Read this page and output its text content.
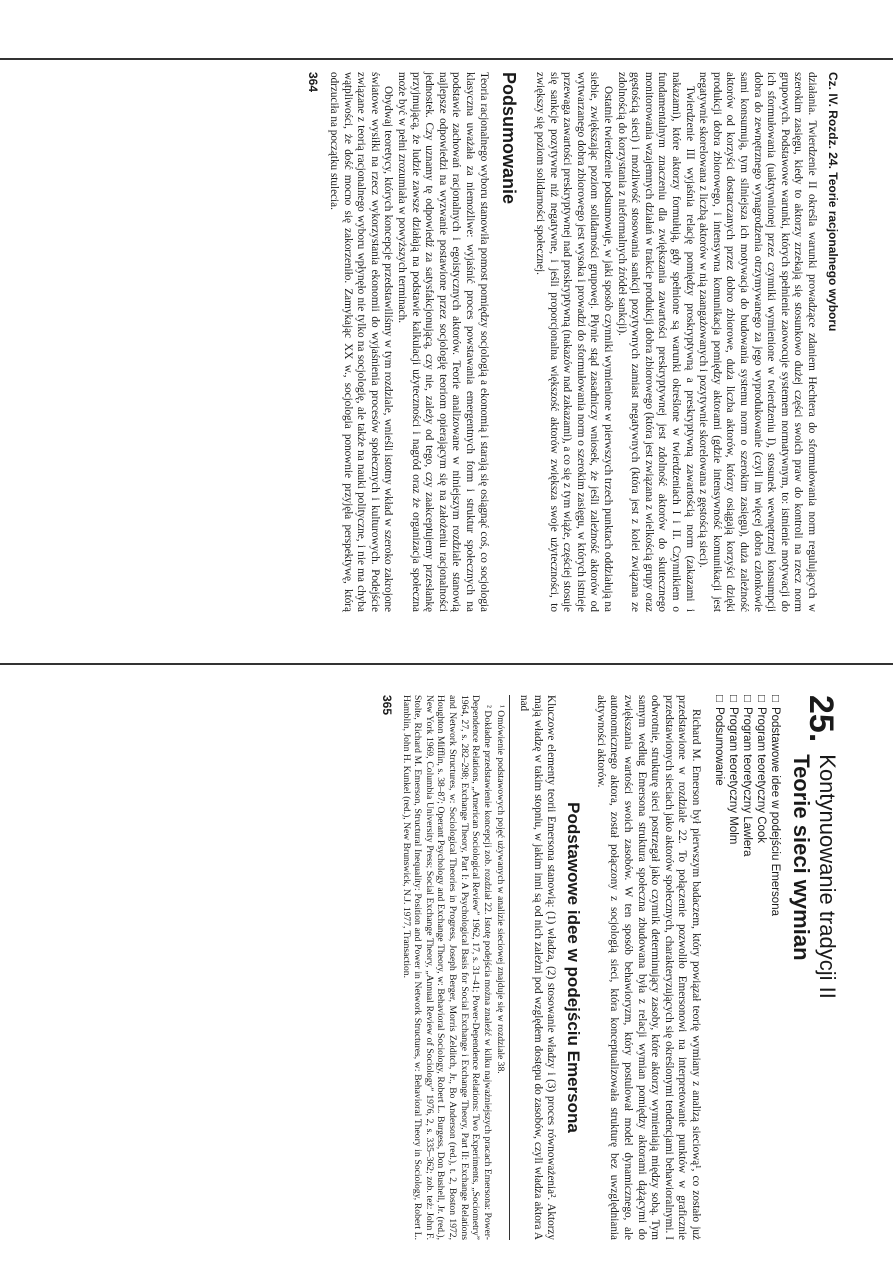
Cz. IV. Rozdz. 24. Teorie racjonalnego wyboru

działania. Twierdzenie II określa warunki prowadzące zdaniem Hechtera do sformułowania norm regulujących w szerokim zasięgu, kiedy to aktorzy zrzekają się stosunkowo dużej części swoich praw do kontroli na rzecz norm grupowych. Podstawowe warunki, których spełnienie zaowocuje systemem normatywnym, to: istnienie motywacji do ich sformułowania (uaktywnionej przez czynniki wymienione w twierdzeniu I), stosunek wewnętrznej konsumpcji dobra do zewnętrznego wynagrodzenia otrzymywanego za jego wyprodukowanie (czyli im więcej dobra członkowie sami konsumują, tym silniejsza ich motywacja do budowania systemu norm o szerokim zasięgu), duża zależność aktorów od korzyści dostarczanych przez dobro zbiorowe, duża liczba aktorów, którzy osiągają korzyści dzięki produkcji dobra zbiorowego, i intensywna komunikacja pomiędzy aktorami (gdzie intensywność komunikacji jest negatywnie skorelowana z liczbą aktorów w nią zaangażowanych i pozytywnie skorelowana z gęstością sieci).

Twierdzenie III wyjaśnia relację pomiędzy proskryptywną a preskryptywną zawartością norm (zakazami i nakazami), które aktorzy formułują, gdy spełnione są warunki określone w twierdzeniach I i II. Czynnikiem o fundamentalnym znaczeniu dla zwiększania zawartości preskryptywnej jest zdolność aktorów do skutecznego monitorowania wzajemnych działań w trakcie produkcji dobra zbiorowego (która jest związana z wielkością grupy oraz gęstością sieci) i możliwość stosowania sankcji pozytywnych zamiast negatywnych (która jest z kolei związana ze zdolnością do korzystania z nieformalnych źródeł sankcji).

Ostatnie twierdzenie podsumowuje, w jaki sposób czynniki wymienione w pierwszych trzech punktach oddziałują na siebie, zwiększając poziom solidarności grupowej. Płynie stąd zasadniczy wniosek, że jeśli zależność aktorów od wytwarzanego dobra zbiorowego jest wysoka i prowadzi do sformułowania norm o szerokim zasięgu, w których istnieje przewaga zawartości preskryptywnej nad proskryptywną (nakazów nad zakazami), a co się z tym wiąże, częściej stosuje się sankcje pozytywne niż negatywne, i jeśli proporcjonalna większość aktorów zwiększa swoje użyteczności, to zwiększy się poziom solidarności społecznej.

Podsumowanie

Teoria racjonalnego wyboru stanowiła pomost pomiędzy socjologią a ekonomią i starają się osiągnąć coś, co socjologia klasyczna uważała za niemożliwe: wyjaśnić proces powstawania emergentnych form i struktur społecznych na podstawie zachowań racjonalnych i egoistycznych aktorów. Teorie analizowane w niniejszym rozdziale stanowią najlepsze odpowiedzi na wyzwanie postawione przez socjologię teoriom opierającym się na założeniu racjonalności jednostek. Czy uznamy tę odpowiedź za satysfakcjonującą, czy nie, zależy od tego, czy zaakceptujemy przesłankę przyjmującą, że ludzie zawsze działają na podstawie kalkulacji użyteczności i nagród oraz że organizacja społeczna może być w pełni zrozumiała w powyższych terminach.

Obydwaj teoretycy, których koncepcje przedstawiliśmy w tym rozdziale, wnieśli istotny wkład w szeroko zakrojone światowe wysiłki na rzecz wykorzystania ekonomii do wyjaśnienia procesów społecznych i kulturowych. Podejście związane z teorią racjonalnego wyboru wpłynęło nie tylko na socjologię, ale także na nauki polityczne, i nie ma chyba wątpliwości, że dość mocno się zakorzeniło. Zamykając XX w., socjologia ponownie przyjęła perspektywę, którą odrzuciła na początku stulecia.

364
25.
Kontynuowanie tradycji II
Teorie sieci wymian
□ Podstawowe idee w podejściu Emersona
□ Program teoretyczny Cook
□ Program teoretyczny Lawlera
□ Program teoretyczny Molm
□ Podsumowanie

Richard M. Emerson był pierwszym badaczem, który powiązał teorię wymiany z analizą sieciową¹, co zostało już przedstawione w rozdziale 22. To połączenie pozwoliło Emersonowi na interpretowanie punktów w graficznie przedstawionych sieciach jako aktorów społecznych, charakteryzujących się określonymi tendencjami behawioralnymi. I odwrotnie, strukturę sieci postrzegał jako czynnik determinujący zasoby, które aktorzy wymieniają między sobą. Tym samym według Emersona struktura społeczna zbudowana była z relacji wymian pomiędzy aktorami dążącymi do zwiększania wartości swoich zasobów. W ten sposób behawioryzm, który postulował model dynamicznego, ale autonomicznego aktora, został połączony z socjologią sieci, która konceptualizowała strukturę bez uwzględniania aktywności aktorów.

Podstawowe idee w podejściu Emersona

Kluczowe elementy teorii Emersona stanowią: (1) władza, (2) stosowanie władzy i (3) proces równoważenia². Aktorzy mają władzę w takim stopniu, w jakim inni są od nich zależni pod względem dostępu do zasobów, czyli władza aktora A nad

¹ Omówienie podstawowych pojęć używanych w analizie sieciowej znajduje się w rozdziale 38.

² Dokładne przedstawienie koncepcji zob. rozdział 22. Istotę podejścia można znaleźć w kilku najważniejszych pracach Emersona: Power-Dependence Relations, „American Sociological Review” 1962, 17, s. 31–41; Power-Dependence Relations: Two Experiments, „Sociometry” 1964, 27, s. 282–298; Exchange Theory, Part I: A Psychological Basis for Social Exchange i Exchange Theory, Part II: Exchange Relations and Network Structures, w: Sociological Theories in Progress, Joseph Berger, Morris Zelditch, Jr., Bo Anderson (red.), t. 2, Boston 1972, Houghton Mifflin, s. 38–87; Operant Psychology and Exchange Theory, w: Behavioral Sociology, Robert L. Burgess, Don Bushell, Jr. (red.), New York 1969, Columbia University Press; Social Exchange Theory, „Annual Review of Sociology” 1976, 2, s. 335–362; zob. też: John F. Stolte, Richard M. Emerson, Structural Inequality: Position and Power in Network Structures, w: Behavioral Theory in Sociology, Robert L. Hamblin, John H. Kunkel (red.), New Brunswick, N.J. 1977, Transaction.

365
